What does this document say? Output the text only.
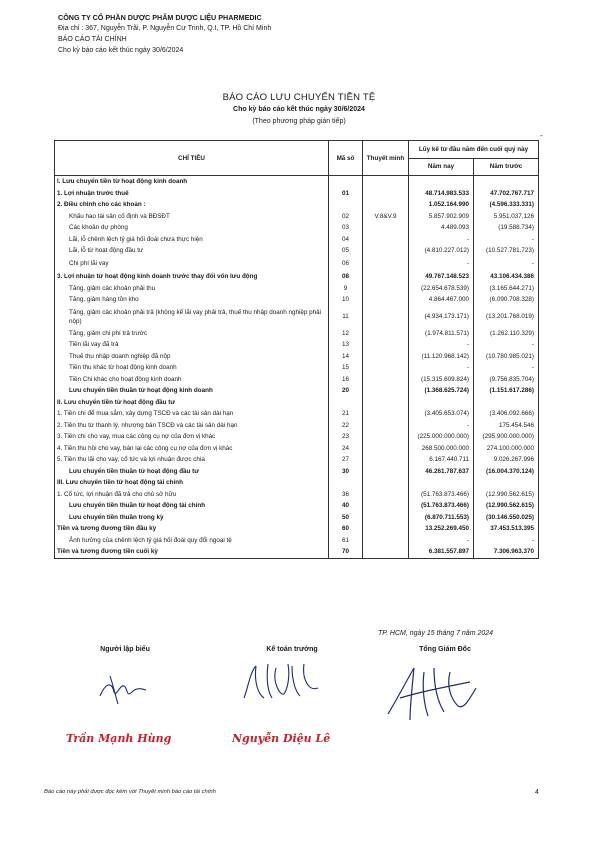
CÔNG TY CỔ PHẦN DƯỢC PHẨM DƯỢC LIỆU PHARMEDIC
Địa chỉ : 367, Nguyễn Trãi, P. Nguyễn Cư Trinh, Q.I, TP. Hồ Chí Minh
BÁO CÁO TÀI CHÍNH
Cho kỳ báo cáo kết thúc ngày 30/6/2024
BÁO CÁO LƯU CHUYỂN TIỀN TỆ
Cho kỳ báo cáo kết thúc ngày 30/6/2024
(Theo phương pháp gián tiếp)
-
CHỈ TIÊU	Mã số	Thuyết minh	Lũy kế từ đầu năm đến cuối quý này	
			Năm nay	Năm trước
I. Lưu chuyển tiền từ hoạt động kinh doanh				
1. Lợi nhuận trước thuế	01		48.714.983.533	47.702.767.717
2. Điều chỉnh cho các khoản :			1.052.164.990	(4.596.333.331)
Khấu hao tài sản cố định và BĐSĐT	02	V.8&V.9	5.857.902.909	5.951.037.126
Các khoản dự phòng	03		4.489.093	(19.588.734)
Lãi, lỗ chênh lệch tỷ giá hối đoái chưa thực hiện	04		-	-
Lãi, lỗ từ hoạt động đầu tư	05		(4.810.227.012)	(10.527.781.723)
Chi phí lãi vay	06		-	-
3. Lợi nhuận từ hoạt động kinh doanh trước thay đổi vốn lưu động	08		49.767.148.523	43.106.434.386
Tăng, giảm các khoản phải thu	9		(22.654.678.539)	(3.165.644.271)
Tăng, giảm hàng tồn kho	10		4.864.467.000	(6.090.708.328)
Tăng, giảm các khoản phải trả (không kể lãi vay phải trả, thuế thu nhập doanh nghiệp phải nộp)	11		(4.934.173.171)	(13.201.768.019)
Tăng, giảm chi phí trả trước	12		(1.974.811.571)	(1.262.110.329)
Tiền lãi vay đã trả	13		-	-
Thuế thu nhập doanh nghiệp đã nộp	14		(11.120.968.142)	(10.780.985.021)
Tiền thu khác từ hoạt động kinh doanh	15		-	-
Tiền Chi khác cho hoạt động kinh doanh	16		(15.315.609.824)	(9.756.835.704)
Lưu chuyển tiền thuần từ hoạt động kinh doanh	20		(1.368.625.724)	(1.151.617.286)
II. Lưu chuyển tiền từ hoạt động đầu tư				
1. Tiền chi để mua sắm, xây dựng TSCĐ và các tài sản dài hạn	21		(3.405.653.074)	(3.406.092.666)
2. Tiền thu từ thanh lý, nhượng bán TSCĐ và các tài sản dài hạn	22		-	175.454.546
3. Tiền chi cho vay, mua các công cụ nợ của đơn vị khác	23		(225.000.000.000)	(295.900.000.000)
4. Tiền thu hồi cho vay, bán lại các công cụ nợ của đơn vị khác	24		268.500.000.000	274.100.000.000
5. Tiền thu lãi cho vay, cổ tức và lợi nhuận được chia	27		6.167.440.711	9.026.267.996
Lưu chuyển tiền thuần từ hoạt động đầu tư	30		46.261.787.637	(16.004.370.124)
III. Lưu chuyển tiền từ hoạt động tài chính				
1. Cổ tức, lợi nhuận đã trả cho chủ sở hữu	36		(51.763.873.466)	(12.990.562.615)
Lưu chuyển tiền thuần từ hoạt động tài chính	40		(51.763.873.466)	(12.990.562.615)
Lưu chuyển tiền thuần trong kỳ	50		(6.870.711.553)	(30.146.550.025)
Tiền và tương đương tiền đầu kỳ	60		13.252.269.450	37.453.513.395
Ảnh hưởng của chênh lệch tỷ giá hối đoái quy đổi ngoại tệ	61		-	-
Tiền và tương đương tiền cuối kỳ	70		6.381.557.897	7.306.963.370
TP. HCM, ngày 15 tháng 7 năm 2024
Người lập biểu	Kế toán trưởng	Tổng Giám Đốc
Trần Mạnh Hùng	Nguyễn Diệu Lê
Báo cáo này phải được đọc kèm với Thuyết minh báo cáo tài chính	4
